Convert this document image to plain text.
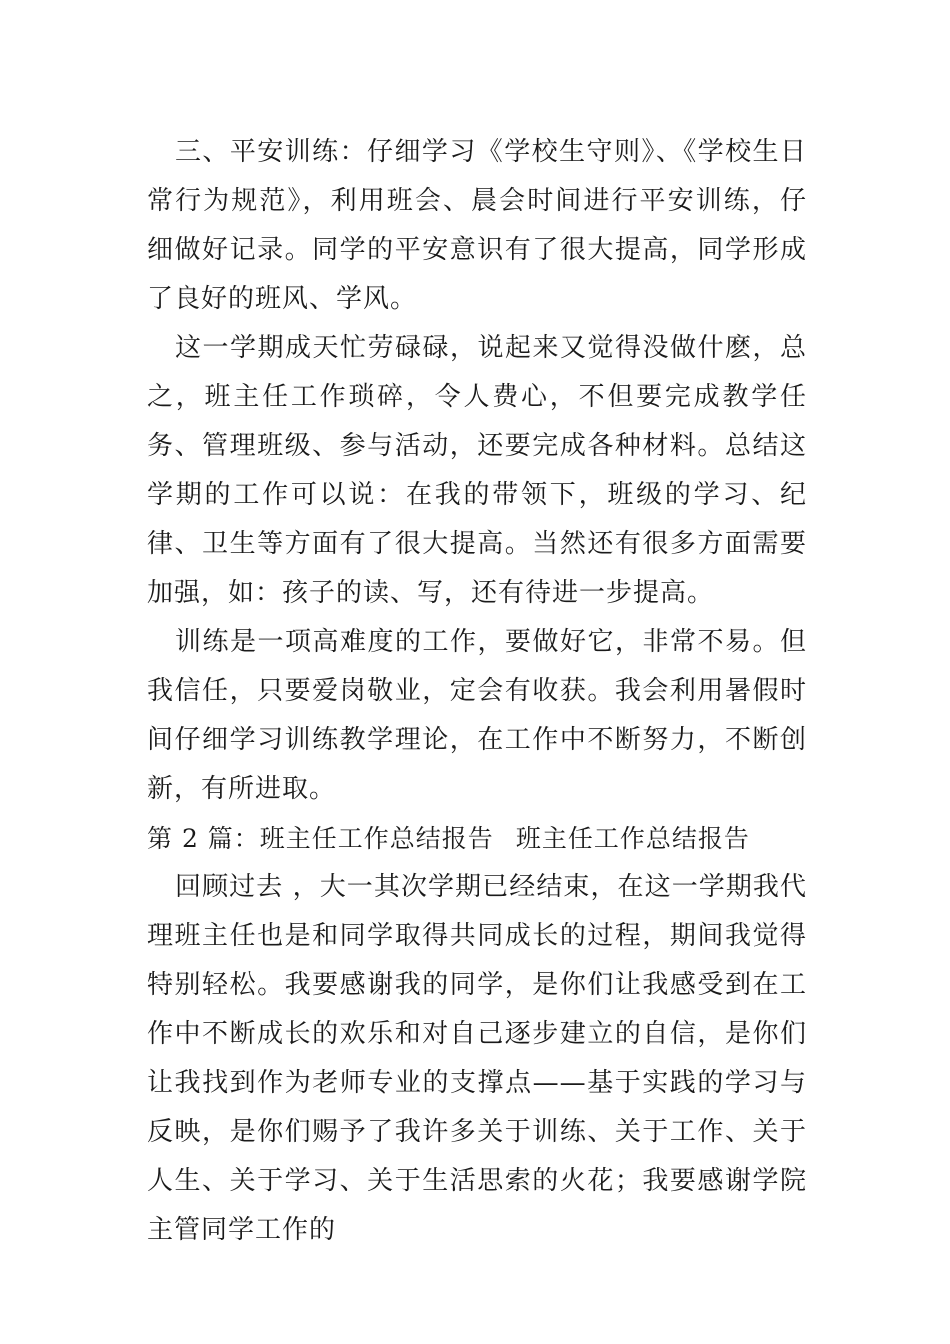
三、平安训练：仔细学习《学校生守则》、《学校生日常行为规范》，利用班会、晨会时间进行平安训练，仔细做好记录。同学的平安意识有了很大提高，同学形成了良好的班风、学风。

这一学期成天忙劳碌碌，说起来又觉得没做什麽，总之，班主任工作琐碎，令人费心，不但要完成教学任务、管理班级、参与活动，还要完成各种材料。总结这学期的工作可以说：在我的带领下，班级的学习、纪律、卫生等方面有了很大提高。当然还有很多方面需要加强，如：孩子的读、写，还有待进一步提高。

训练是一项高难度的工作，要做好它，非常不易。但我信任，只要爱岗敬业，定会有收获。我会利用暑假时间仔细学习训练教学理论，在工作中不断努力，不断创新，有所进取。

第 2 篇：班主任工作总结报告 班主任工作总结报告

回顾过去 ，大一其次学期已经结束，在这一学期我代理班主任也是和同学取得共同成长的过程，期间我觉得特别轻松。我要感谢我的同学，是你们让我感受到在工作中不断成长的欢乐和对自己逐步建立的自信，是你们让我找到作为老师专业的支撑点——基于实践的学习与反映，是你们赐予了我许多关于训练、关于工作、关于人生、关于学习、关于生活思索的火花；我要感谢学院主管同学工作的
